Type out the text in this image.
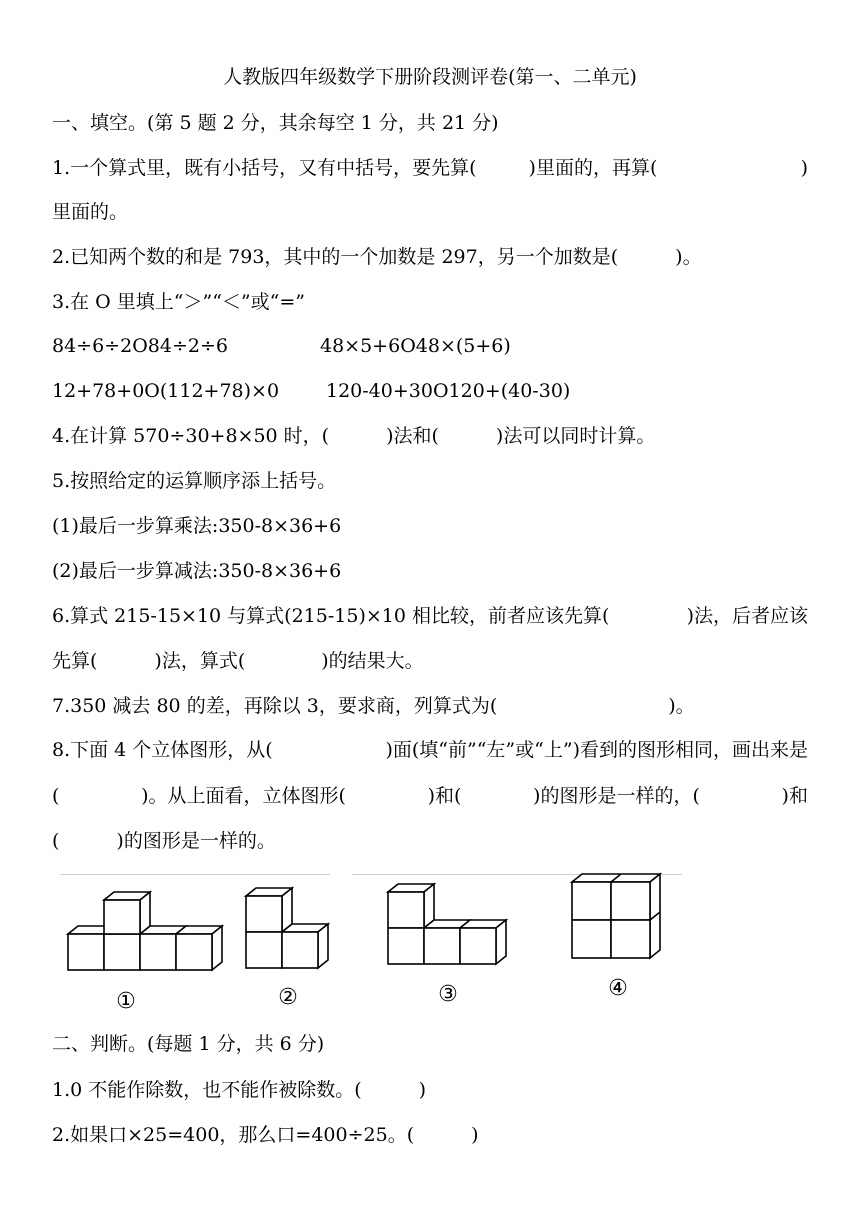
人教版四年级数学下册阶段测评卷(第一、二单元)
一、填空。(第 5 题 2 分，其余每空 1 分，共 21 分)
1.一个算式里，既有小括号，又有中括号，要先算(	)里面的，再算(	)
里面的。
2.已知两个数的和是 793，其中的一个加数是 297，另一个加数是(　　　)。
3.在 O 里填上“＞”“＜”或“=”
84÷6÷2O84÷2÷6	48×5+6O48×(5+6)
12+78+0O(112+78)×0 120-40+30O120+(40-30)
4.在计算 570÷30+8×50 时，(　　　)法和(　　　)法可以同时计算。
5.按照给定的运算顺序添上括号。
(1)最后一步算乘法:350-8×36+6
(2)最后一步算减法:350-8×36+6
6.算式 215-15×10 与算式(215-15)×10 相比较，前者应该先算(	)法，后者应该
先算(　　　)法，算式(　　　　)的结果大。
7.350 减去 80 的差，再除以 3，要求商，列算式为(　　　　　　　　　)。
8.下面 4 个立体图形，从(	)面(填“前”“左”或“上”)看到的图形相同，画出来是
(	)。从上面看，立体图形(	)和(	)的图形是一样的，(	)和
(　　　)的图形是一样的。
①	②	③	④
二、判断。(每题 1 分，共 6 分)
1.0 不能作除数，也不能作被除数。(　　　)
2.如果口×25=400，那么口=400÷25。(　　　)
